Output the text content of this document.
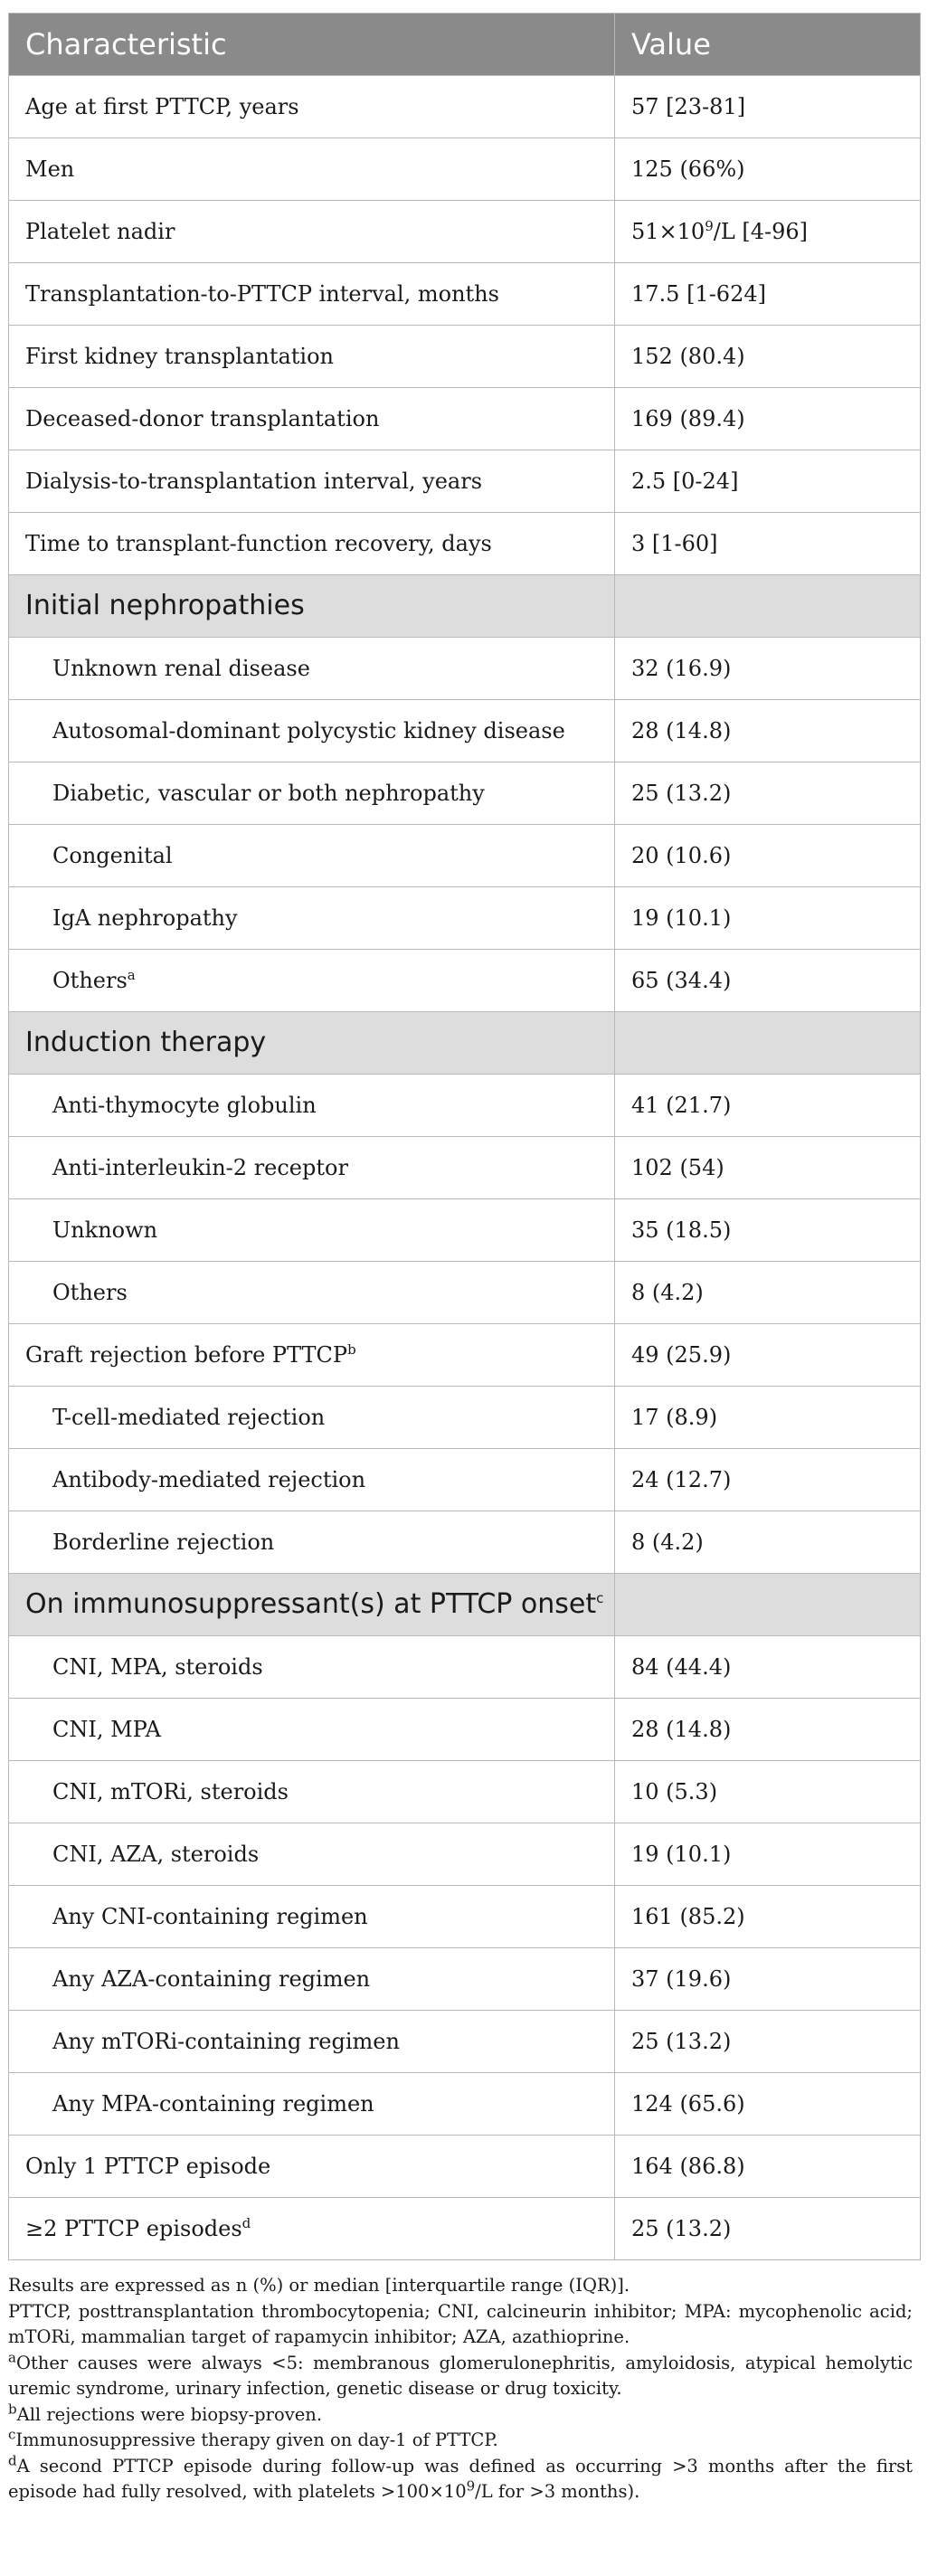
Characteristic	Value
Age at first PTTCP, years	57 [23-81]
Men	125 (66%)
Platelet nadir	$51\times 10^9/L$ [4-96]
Transplantation-to-PTTCP interval, months	17.5 [1-624]
First kidney transplantation	152 (80.4)
Deceased-donor transplantation	169 (89.4)
Dialysis-to-transplantation interval, years	2.5 [0-24]
Time to transplant-function recovery, days	3 [1-60]
Initial nephropathies	
Unknown renal disease	32 (16.9)
Autosomal-dominant polycystic kidney disease	28 (14.8)
Diabetic, vascular or both nephropathy	25 (13.2)
Congenital	20 (10.6)
IgA nephropathy	19 (10.1)
Others$^a$	65 (34.4)
Induction therapy	
Anti-thymocyte globulin	41 (21.7)
Anti-interleukin-2 receptor	102 (54)
Unknown	35 (18.5)
Others	8 (4.2)
Graft rejection before PTTCP$^b$	49 (25.9)
T-cell-mediated rejection	17 (8.9)
Antibody-mediated rejection	24 (12.7)
Borderline rejection	8 (4.2)
On immunosuppressant(s) at PTTCP onset$^c$	
CNI, MPA, steroids	84 (44.4)
CNI, MPA	28 (14.8)
CNI, mTORi, steroids	10 (5.3)
CNI, AZA, steroids	19 (10.1)
Any CNI-containing regimen	161 (85.2)
Any AZA-containing regimen	37 (19.6)
Any mTORi-containing regimen	25 (13.2)
Any MPA-containing regimen	124 (65.6)
Only 1 PTTCP episode	164 (86.8)
≥2 PTTCP episodes$^d$	25 (13.2)

Results are expressed as n (%) or median [interquartile range (IQR)].

PTTCP, posttransplantation thrombocytopenia; CNI, calcineurin inhibitor; MPA: mycophenolic acid; mTORi, mammalian target of rapamycin inhibitor; AZA, azathioprine.

$^a$Other causes were always <5: membranous glomerulonephritis, amyloidosis, atypical hemolytic uremic syndrome, urinary infection, genetic disease or drug toxicity.

$^b$All rejections were biopsy-proven.

$^c$Immunosuppressive therapy given on day-1 of PTTCP.

$^d$A second PTTCP episode during follow-up was defined as occurring >3 months after the first episode had fully resolved, with platelets $>100\times 10^9/L$ for >3 months).
